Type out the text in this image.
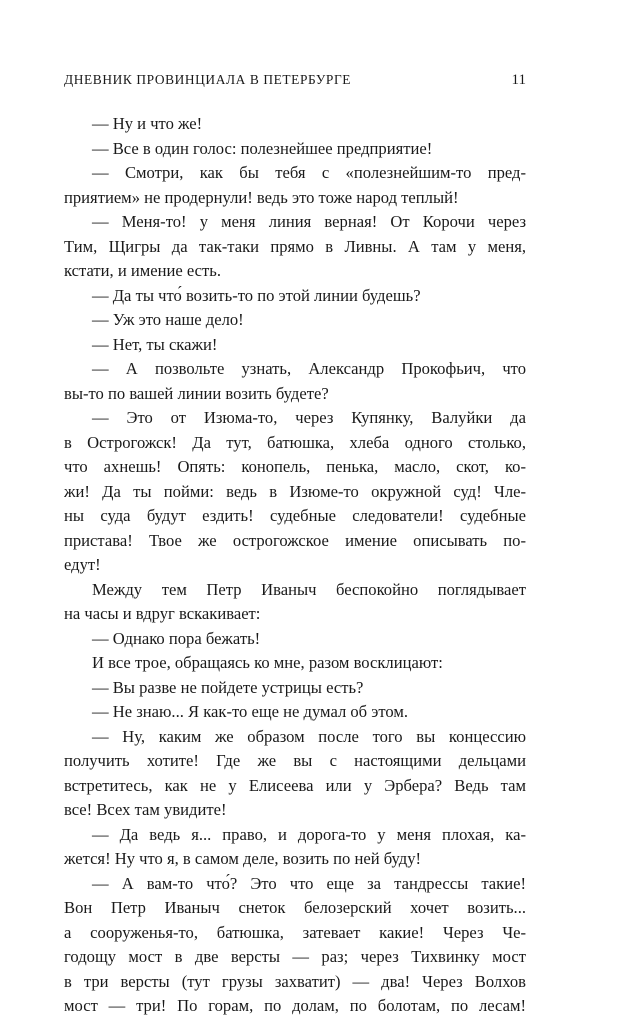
ДНЕВНИК ПРОВИНЦИАЛА В ПЕТЕРБУРГЕ	11
— Ну и что же!
— Все в один голос: полезнейшее предприятие!
— Смотри, как бы тебя с «полезнейшим-то пред-
приятием» не продернули! ведь это тоже народ теплый!
— Меня-то! у меня линия верная! От Корочи через
Тим, Щигры да так-таки прямо в Ливны. А там у меня,
кстати, и имение есть.
— Да ты что́ возить-то по этой линии будешь?
— Уж это наше дело!
— Нет, ты скажи!
— А позвольте узнать, Александр Прокофьич, что
вы-то по вашей линии возить будете?
— Это от Изюма-то, через Купянку, Валуйки да
в Острогожск! Да тут, батюшка, хлеба одного столько,
что ахнешь! Опять: конопель, пенька, масло, скот, ко-
жи! Да ты пойми: ведь в Изюме-то окружной суд! Чле-
ны суда будут ездить! судебные следователи! судебные
пристава! Твое же острогожское имение описывать по-
едут!
Между тем Петр Иваныч беспокойно поглядывает
на часы и вдруг вскакивает:
— Однако пора бежать!
И все трое, обращаясь ко мне, разом восклицают:
— Вы разве не пойдете устрицы есть?
— Не знаю... Я как-то еще не думал об этом.
— Ну, каким же образом после того вы концессию
получить хотите! Где же вы с настоящими дельцами
встретитесь, как не у Елисеева или у Эрбера? Ведь там
все! Всех там увидите!
— Да ведь я... право, и дорога-то у меня плохая, ка-
жется! Ну что я, в самом деле, возить по ней буду!
— А вам-то что́? Это что еще за тандрессы такие!
Вон Петр Иваныч снеток белозерский хочет возить...
а сооруженья-то, батюшка, затевает какие! Через Че-
годощу мост в две версты — раз; через Тихвинку мост
в три версты (тут грузы захватит) — два! Через Волхов
мост — три! По горам, по долам, по болотам, по лесам!
